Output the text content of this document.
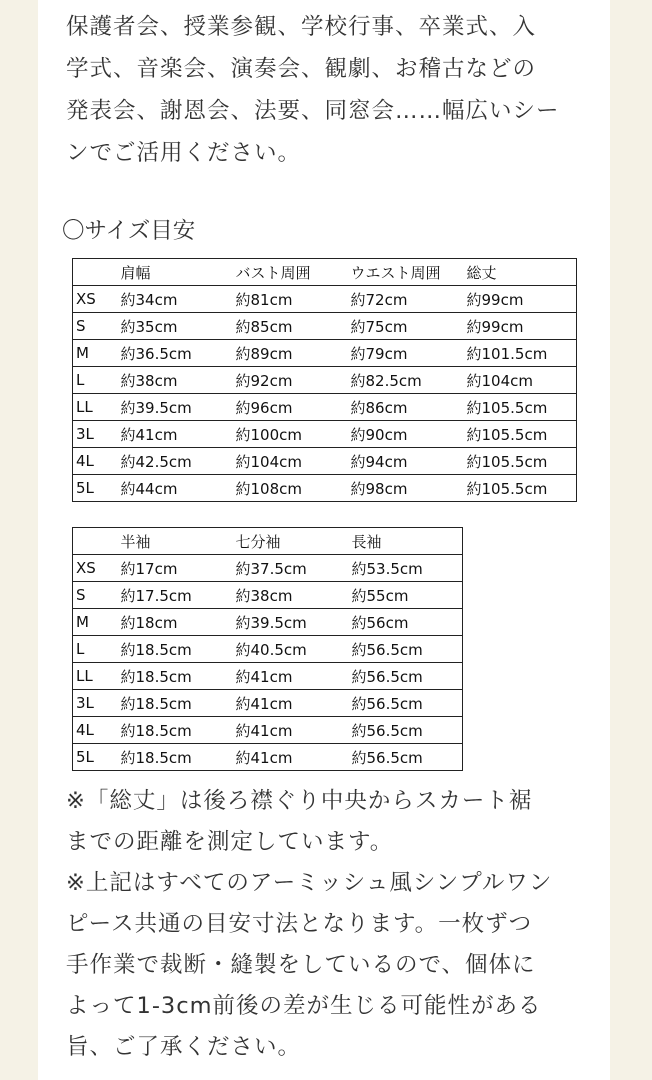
保護者会、授業参観、学校行事、卒業式、入

学式、音楽会、演奏会、観劇、お稽古などの

発表会、謝恩会、法要、同窓会……幅広いシー

ンでご活用ください。

〇サイズ目安
	肩幅	バスト周囲	ウエスト周囲	総丈
XS	約34cm	約81cm	約72cm	約99cm
S	約35cm	約85cm	約75cm	約99cm
M	約36.5cm	約89cm	約79cm	約101.5cm
L	約38cm	約92cm	約82.5cm	約104cm
LL	約39.5cm	約96cm	約86cm	約105.5cm
3L	約41cm	約100cm	約90cm	約105.5cm
4L	約42.5cm	約104cm	約94cm	約105.5cm
5L	約44cm	約108cm	約98cm	約105.5cm
	半袖	七分袖	長袖
XS	約17cm	約37.5cm	約53.5cm
S	約17.5cm	約38cm	約55cm
M	約18cm	約39.5cm	約56cm
L	約18.5cm	約40.5cm	約56.5cm
LL	約18.5cm	約41cm	約56.5cm
3L	約18.5cm	約41cm	約56.5cm
4L	約18.5cm	約41cm	約56.5cm
5L	約18.5cm	約41cm	約56.5cm

※「総丈」は後ろ襟ぐり中央からスカート裾

までの距離を測定しています。

※上記はすべてのアーミッシュ風シンプルワン

ピース共通の目安寸法となります。一枚ずつ

手作業で裁断・縫製をしているので、個体に

よって1-3cm前後の差が生じる可能性がある

旨、ご了承ください。
